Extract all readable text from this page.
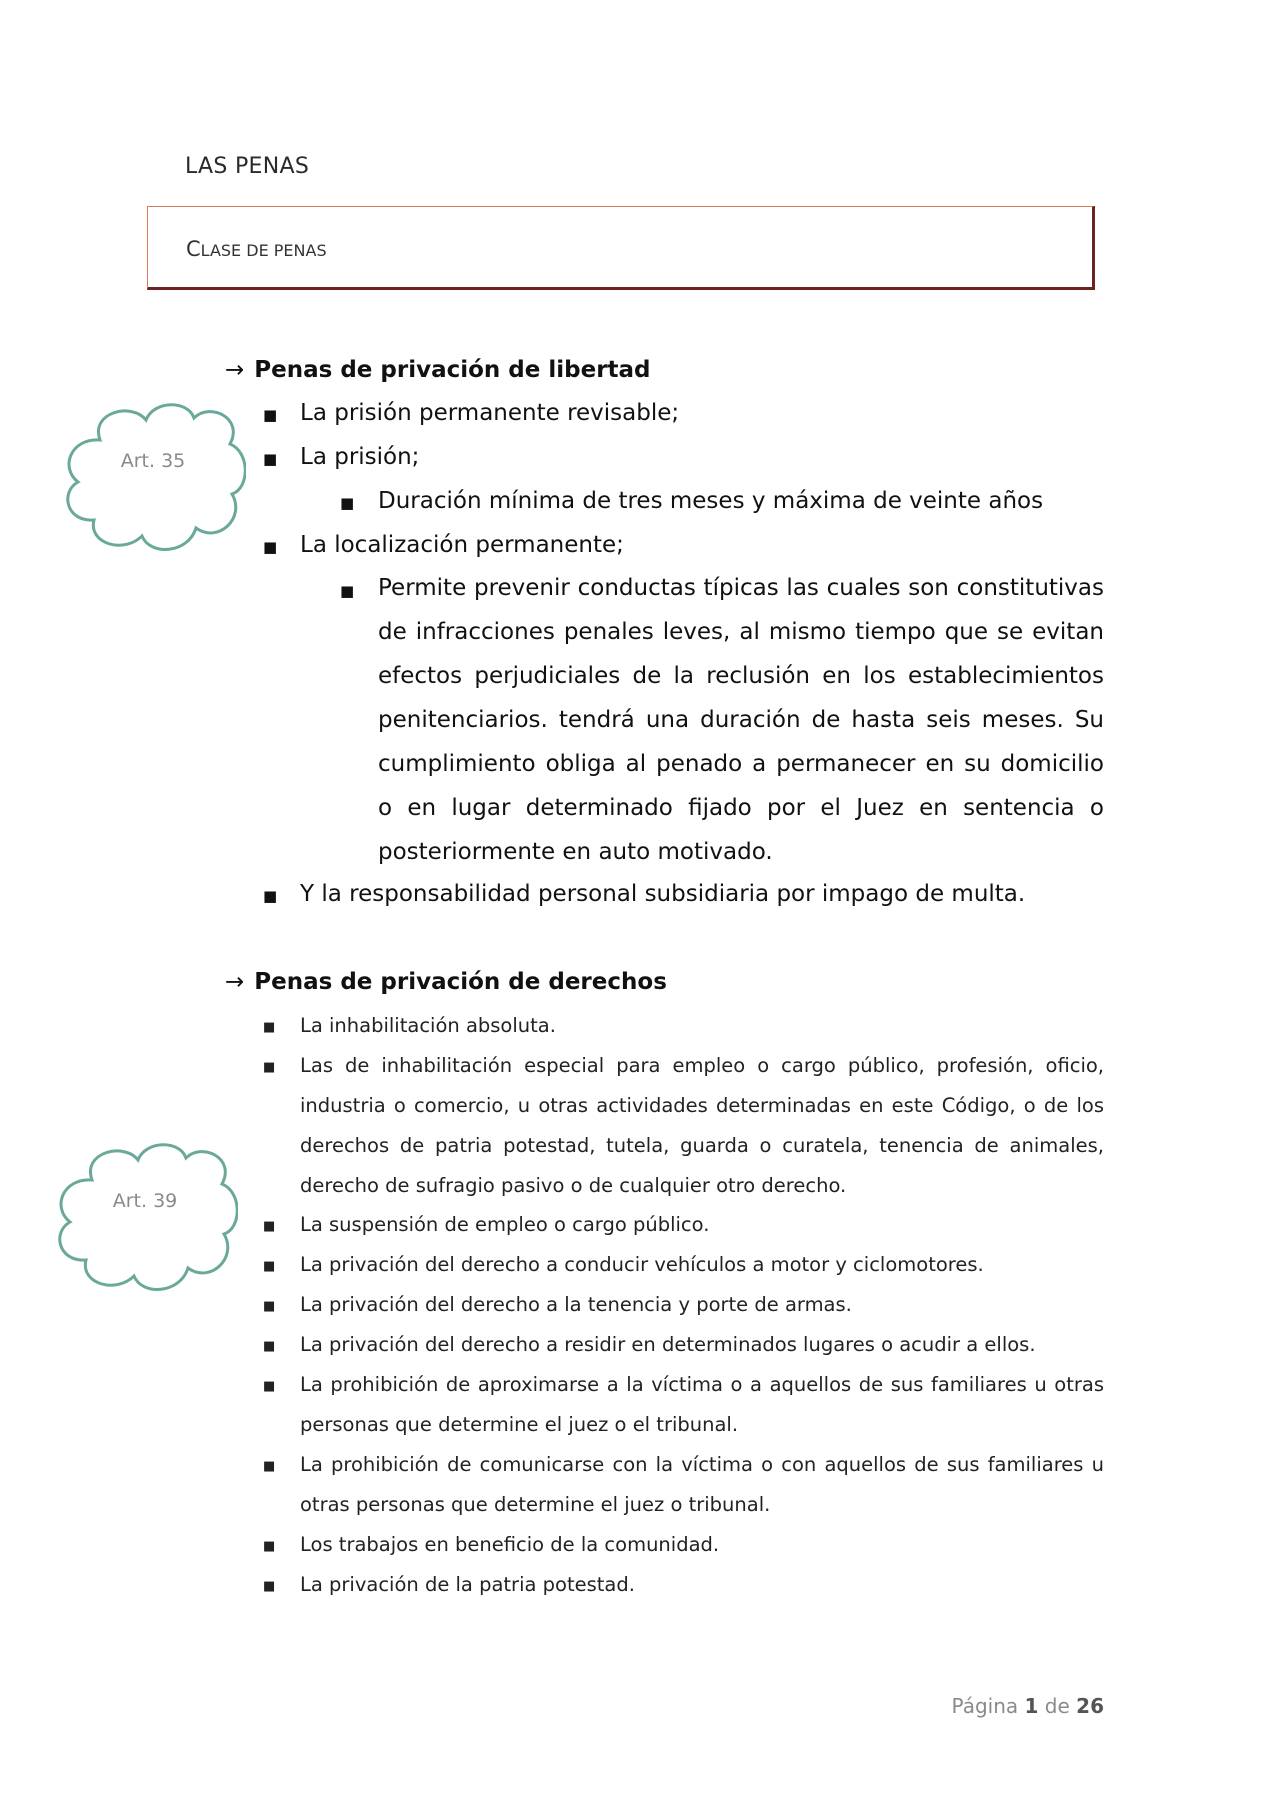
LAS PENAS
CLASE DE PENAS
Art. 35
Art. 39
→ Penas de privación de libertad
■ La prisión permanente revisable;
■ La prisión;
■ Duración mínima de tres meses y máxima de veinte años
■ La localización permanente;
■ Permite prevenir conductas típicas las cuales son constitutivas de infracciones penales leves, al mismo tiempo que se evitan efectos perjudiciales de la reclusión en los establecimientos penitenciarios. tendrá una duración de hasta seis meses. Su cumplimiento obliga al penado a permanecer en su domicilio o en lugar determinado fijado por el Juez en sentencia o posteriormente en auto motivado.
■ Y la responsabilidad personal subsidiaria por impago de multa.
→ Penas de privación de derechos
■ La inhabilitación absoluta.
■ Las de inhabilitación especial para empleo o cargo público, profesión, oficio, industria o comercio, u otras actividades determinadas en este Código, o de los derechos de patria potestad, tutela, guarda o curatela, tenencia de animales, derecho de sufragio pasivo o de cualquier otro derecho.
■ La suspensión de empleo o cargo público.
■ La privación del derecho a conducir vehículos a motor y ciclomotores.
■ La privación del derecho a la tenencia y porte de armas.
■ La privación del derecho a residir en determinados lugares o acudir a ellos.
■ La prohibición de aproximarse a la víctima o a aquellos de sus familiares u otras personas que determine el juez o el tribunal.
■ La prohibición de comunicarse con la víctima o con aquellos de sus familiares u otras personas que determine el juez o tribunal.
■ Los trabajos en beneficio de la comunidad.
■ La privación de la patria potestad.
Página 1 de 26
